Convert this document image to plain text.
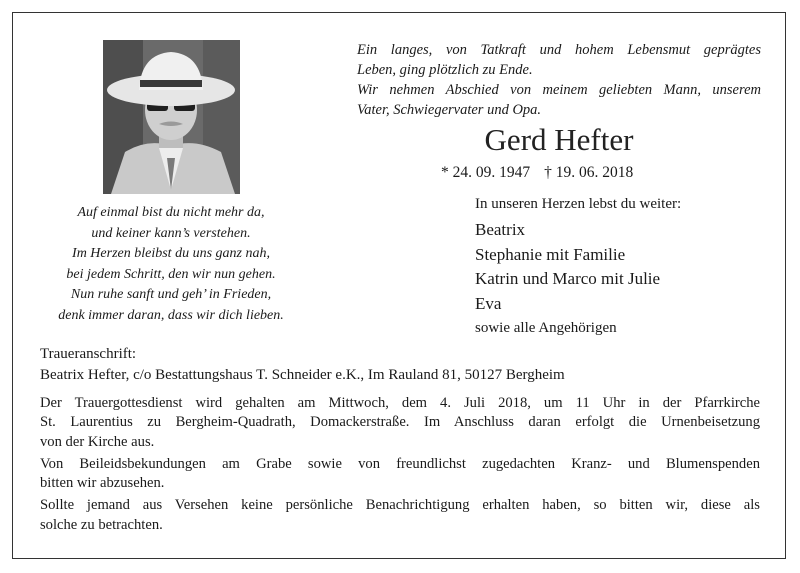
Auf einmal bist du nicht mehr da,
und keiner kann’s verstehen.
Im Herzen bleibst du uns ganz nah,
bei jedem Schritt, den wir nun gehen.
Nun ruhe sanft und geh’ in Frieden,
denk immer daran, dass wir dich lieben.
Ein langes, von Tatkraft und hohem Lebensmut geprägtes
Leben, ging plötzlich zu Ende.
Wir nehmen Abschied von meinem geliebten Mann, unserem
Vater, Schwiegervater und Opa.
Gerd Hefter
* 24. 09. 1947 † 19. 06. 2018
In unseren Herzen lebst du weiter:
Beatrix
Stephanie mit Familie
Katrin und Marco mit Julie
Eva
sowie alle Angehörigen
Traueranschrift:
Beatrix Hefter, c/o Bestattungshaus T. Schneider e.K., Im Rauland 81, 50127 Bergheim
Der Trauergottesdienst wird gehalten am Mittwoch, dem 4. Juli 2018, um 11 Uhr in der Pfarrkirche
St. Laurentius zu Bergheim-Quadrath, Domackerstraße. Im Anschluss daran erfolgt die Urnenbeisetzung
von der Kirche aus.
Von Beileidsbekundungen am Grabe sowie von freundlichst zugedachten Kranz- und Blumenspenden
bitten wir abzusehen.
Sollte jemand aus Versehen keine persönliche Benachrichtigung erhalten haben, so bitten wir, diese als
solche zu betrachten.
